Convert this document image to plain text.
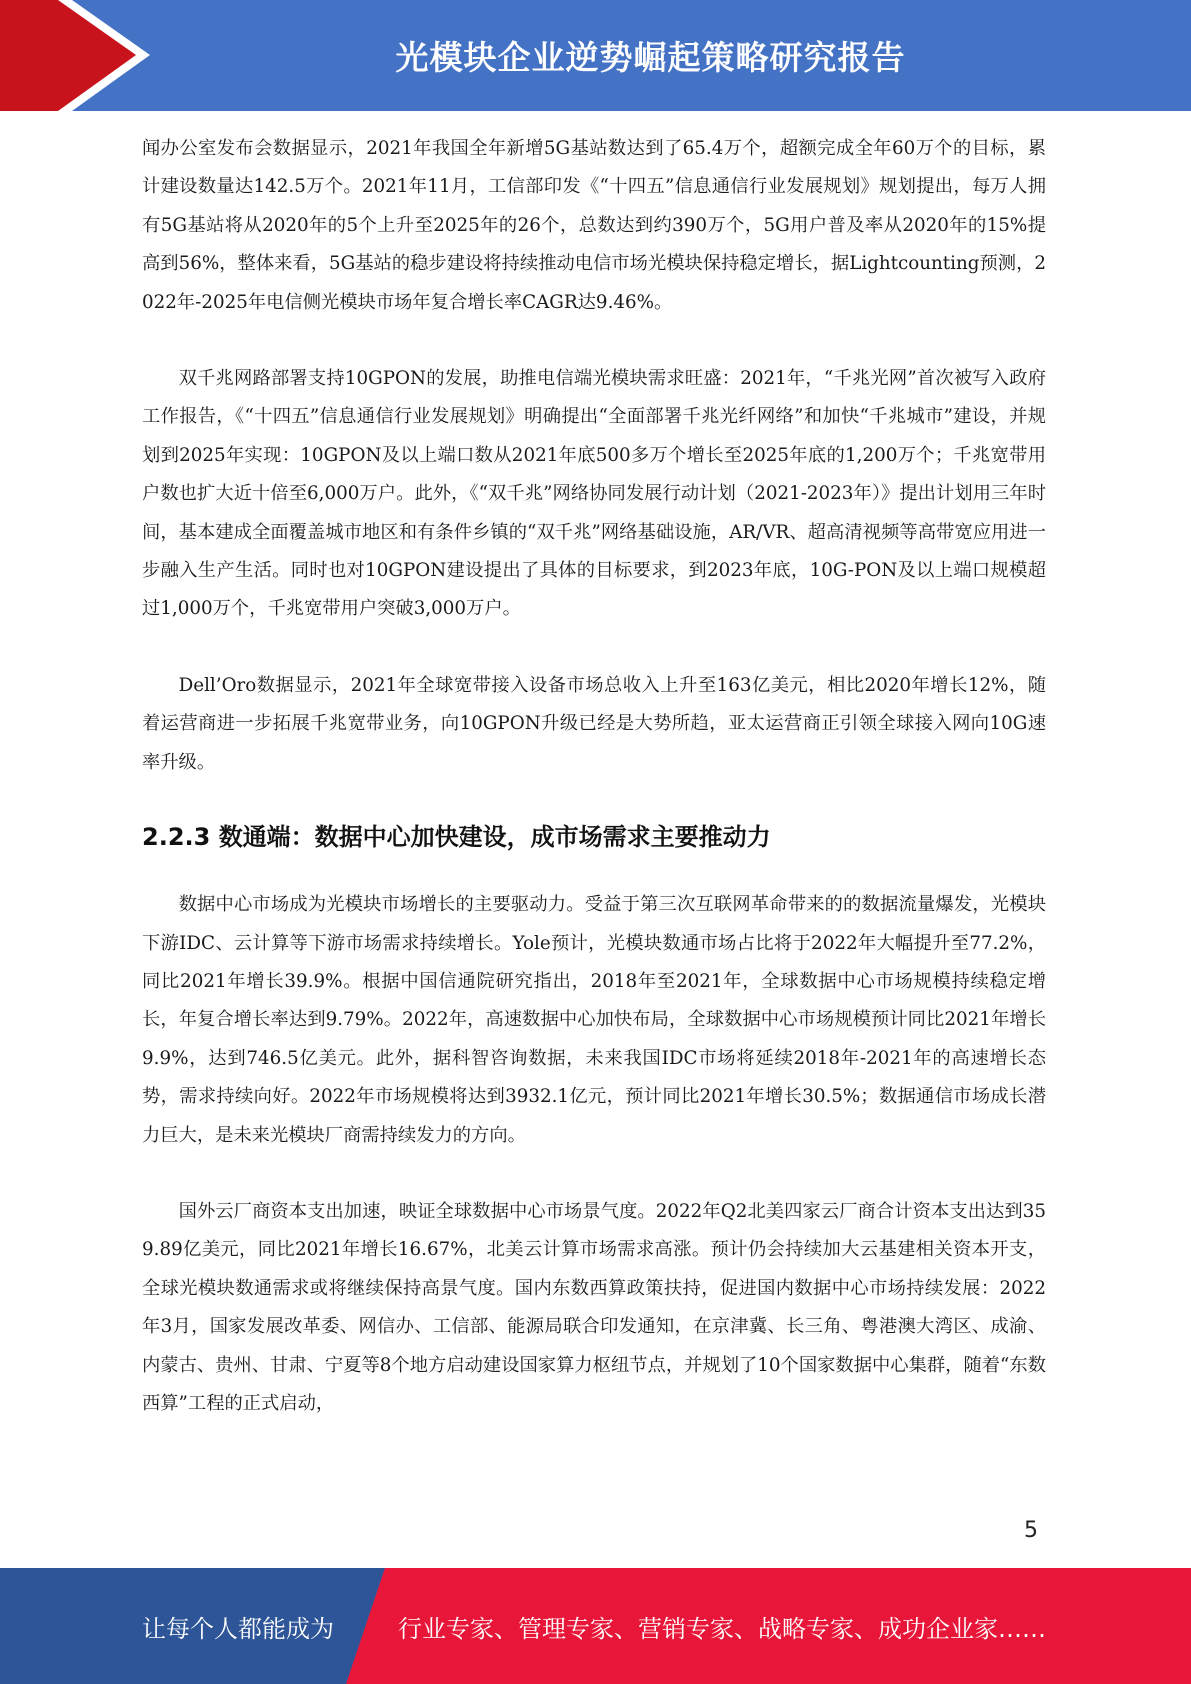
光模块企业逆势崛起策略研究报告

闻办公室发布会数据显示，2021年我国全年新增5G基站数达到了65.4万个，超额完成全年60万个的目标，累计建设数量达142.5万个。2021年11月，工信部印发《“十四五”信息通信行业发展规划》规划提出，每万人拥有5G基站将从2020年的5个上升至2025年的26个，总数达到约390万个，5G用户普及率从2020年的15%提高到56%，整体来看，5G基站的稳步建设将持续推动电信市场光模块保持稳定增长，据Lightcounting预测，2022年-2025年电信侧光模块市场年复合增长率CAGR达9.46%。

双千兆网路部署支持10GPON的发展，助推电信端光模块需求旺盛：2021年，“千兆光网”首次被写入政府工作报告，《“十四五”信息通信行业发展规划》明确提出“全面部署千兆光纤网络”和加快“千兆城市”建设，并规划到2025年实现：10GPON及以上端口数从2021年底500多万个增长至2025年底的1,200万个；千兆宽带用户数也扩大近十倍至6,000万户。此外，《“双千兆”网络协同发展行动计划（2021-2023年）》提出计划用三年时间，基本建成全面覆盖城市地区和有条件乡镇的“双千兆”网络基础设施，AR/VR、超高清视频等高带宽应用进一步融入生产生活。同时也对10GPON建设提出了具体的目标要求，到2023年底，10G-PON及以上端口规模超过1,000万个，千兆宽带用户突破3,000万户。

Dell’Oro数据显示，2021年全球宽带接入设备市场总收入上升至163亿美元，相比2020年增长12%，随着运营商进一步拓展千兆宽带业务，向10GPON升级已经是大势所趋，亚太运营商正引领全球接入网向10G速率升级。

2.2.3 数通端：数据中心加快建设，成市场需求主要推动力

数据中心市场成为光模块市场增长的主要驱动力。受益于第三次互联网革命带来的的数据流量爆发，光模块下游IDC、云计算等下游市场需求持续增长。Yole预计，光模块数通市场占比将于2022年大幅提升至77.2%，同比2021年增长39.9%。根据中国信通院研究指出，2018年至2021年，全球数据中心市场规模持续稳定增长，年复合增长率达到9.79%。2022年，高速数据中心加快布局，全球数据中心市场规模预计同比2021年增长9.9%，达到746.5亿美元。此外，据科智咨询数据，未来我国IDC市场将延续2018年-2021年的高速增长态势，需求持续向好。2022年市场规模将达到3932.1亿元，预计同比2021年增长30.5%；数据通信市场成长潜力巨大，是未来光模块厂商需持续发力的方向。

国外云厂商资本支出加速，映证全球数据中心市场景气度。2022年Q2北美四家云厂商合计资本支出达到359.89亿美元，同比2021年增长16.67%，北美云计算市场需求高涨。预计仍会持续加大云基建相关资本开支，全球光模块数通需求或将继续保持高景气度。国内东数西算政策扶持，促进国内数据中心市场持续发展：2022年3月，国家发展改革委、网信办、工信部、能源局联合印发通知，在京津冀、长三角、粤港澳大湾区、成渝、内蒙古、贵州、甘肃、宁夏等8个地方启动建设国家算力枢纽节点，并规划了10个国家数据中心集群，随着“东数西算”工程的正式启动，

5
让每个人都能成为	行业专家、管理专家、营销专家、战略专家、成功企业家……
